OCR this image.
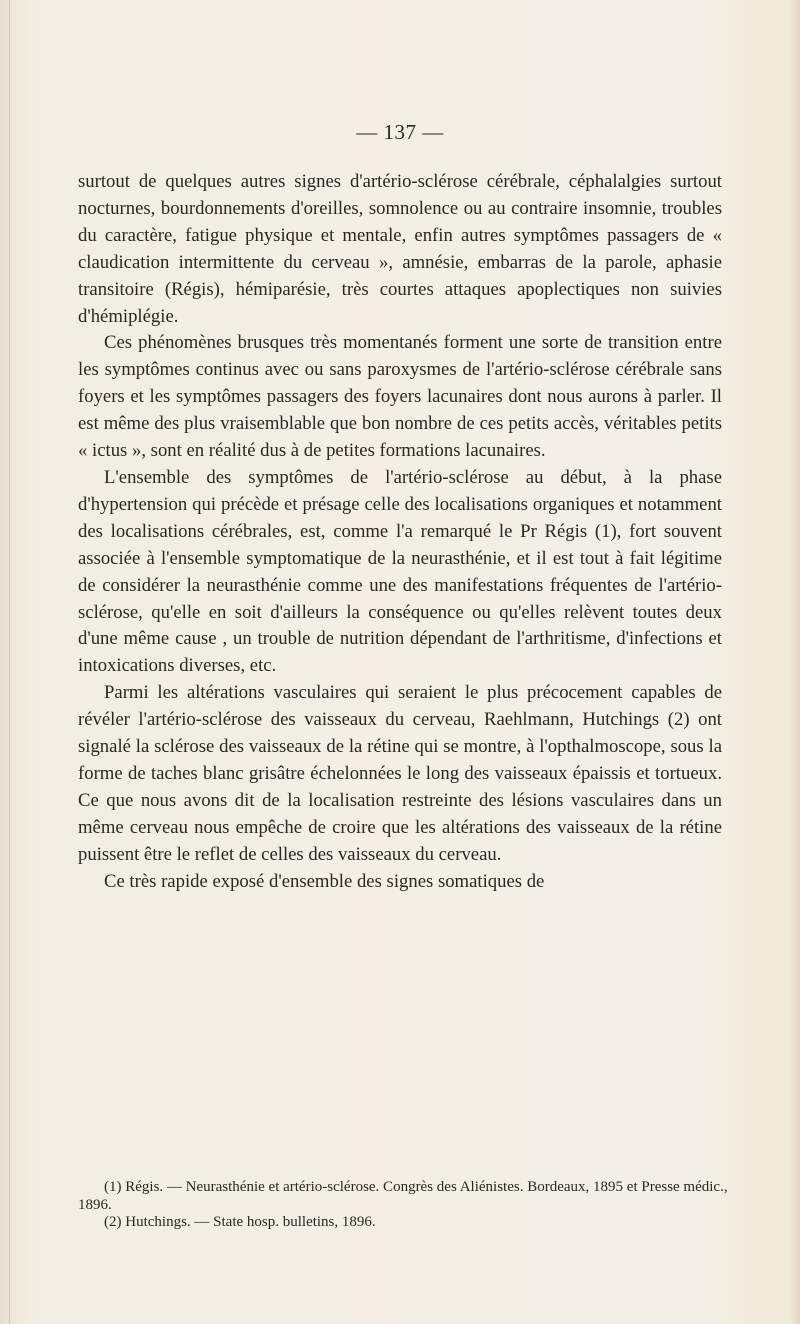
— 137 —

surtout de quelques autres signes d'artério-sclérose cérébrale, céphalalgies surtout nocturnes, bourdonnements d'oreilles, somnolence ou au contraire insomnie, troubles du caractère, fatigue physique et mentale, enfin autres symptômes passagers de « claudication intermittente du cerveau », amnésie, embarras de la parole, aphasie transitoire (Régis), hémiparésie, très courtes attaques apoplectiques non suivies d'hémiplégie.

Ces phénomènes brusques très momentanés forment une sorte de transition entre les symptômes continus avec ou sans paroxysmes de l'artério-sclérose cérébrale sans foyers et les symptômes passagers des foyers lacunaires dont nous aurons à parler. Il est même des plus vraisemblable que bon nombre de ces petits accès, véritables petits « ictus », sont en réalité dus à de petites formations lacunaires.

L'ensemble des symptômes de l'artério-sclérose au début, à la phase d'hypertension qui précède et présage celle des localisations organiques et notamment des localisations cérébrales, est, comme l'a remarqué le Pr Régis (1), fort souvent associée à l'ensemble symptomatique de la neurasthénie, et il est tout à fait légitime de considérer la neurasthénie comme une des manifestations fréquentes de l'artério-sclérose, qu'elle en soit d'ailleurs la conséquence ou qu'elles relèvent toutes deux d'une même cause , un trouble de nutrition dépendant de l'arthritisme, d'infections et intoxications diverses, etc.

Parmi les altérations vasculaires qui seraient le plus précocement capables de révéler l'artério-sclérose des vaisseaux du cerveau, Raehlmann, Hutchings (2) ont signalé la sclérose des vaisseaux de la rétine qui se montre, à l'opthalmoscope, sous la forme de taches blanc grisâtre échelonnées le long des vaisseaux épaissis et tortueux. Ce que nous avons dit de la localisation restreinte des lésions vasculaires dans un même cerveau nous empêche de croire que les altérations des vaisseaux de la rétine puissent être le reflet de celles des vaisseaux du cerveau.

Ce très rapide exposé d'ensemble des signes somatiques de

(1) Régis. — Neurasthénie et artério-sclérose. Congrès des Aliénistes. Bordeaux, 1895 et Presse médic., 1896.

(2) Hutchings. — State hosp. bulletins, 1896.
